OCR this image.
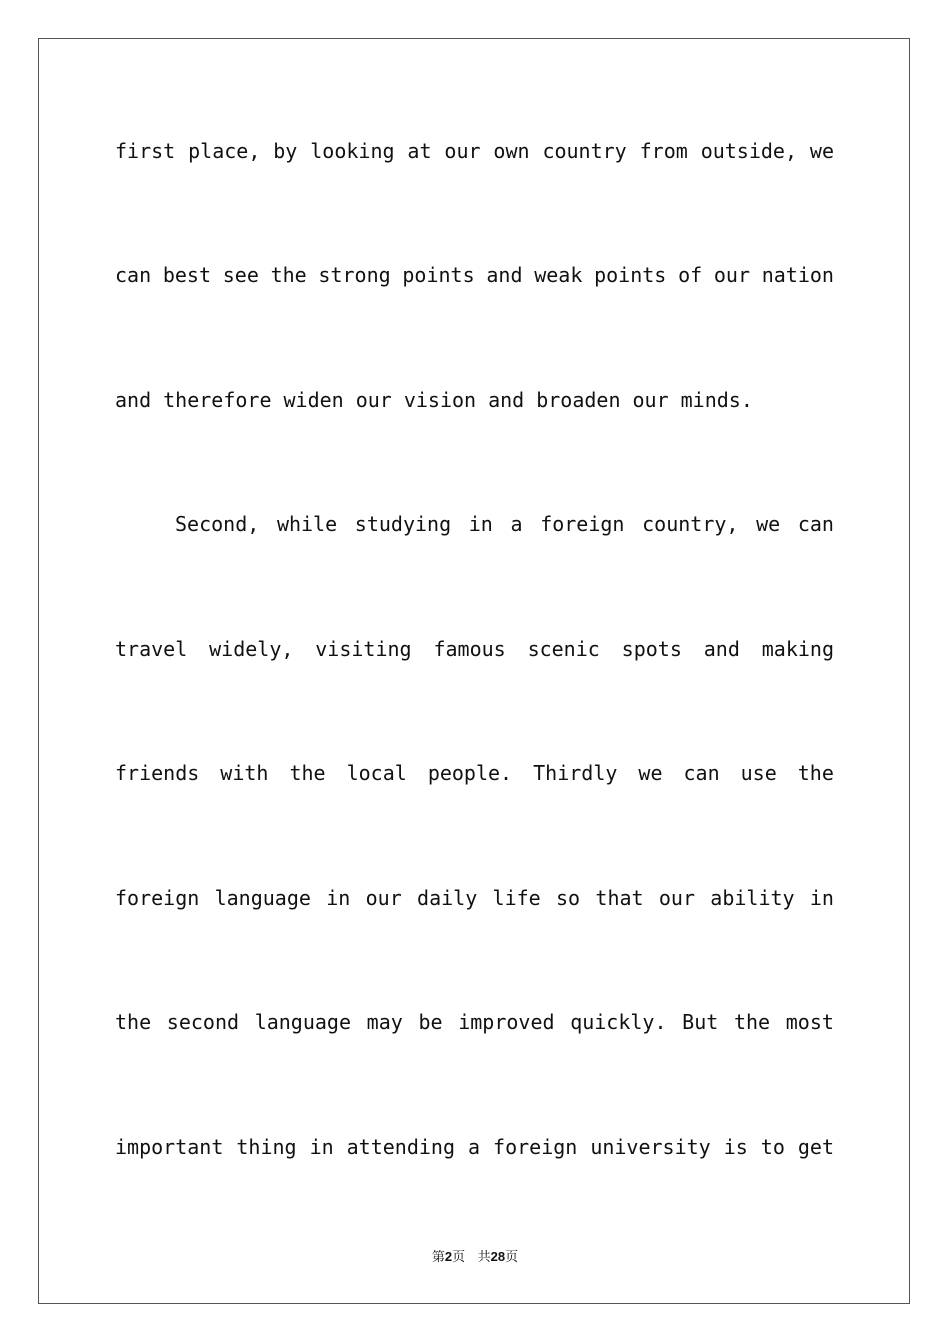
first place, by looking at our own country from outside, we
can best see the strong points and weak points of our nation
and therefore widen our vision and broaden our minds.
Second, while studying in a foreign country, we can
travel widely, visiting famous scenic spots and making
friends with the local people. Thirdly we can use the
foreign language in our daily life so that our ability in
the second language may be improved quickly. But the most
important thing in attending a foreign university is to get
第2页 共28页
